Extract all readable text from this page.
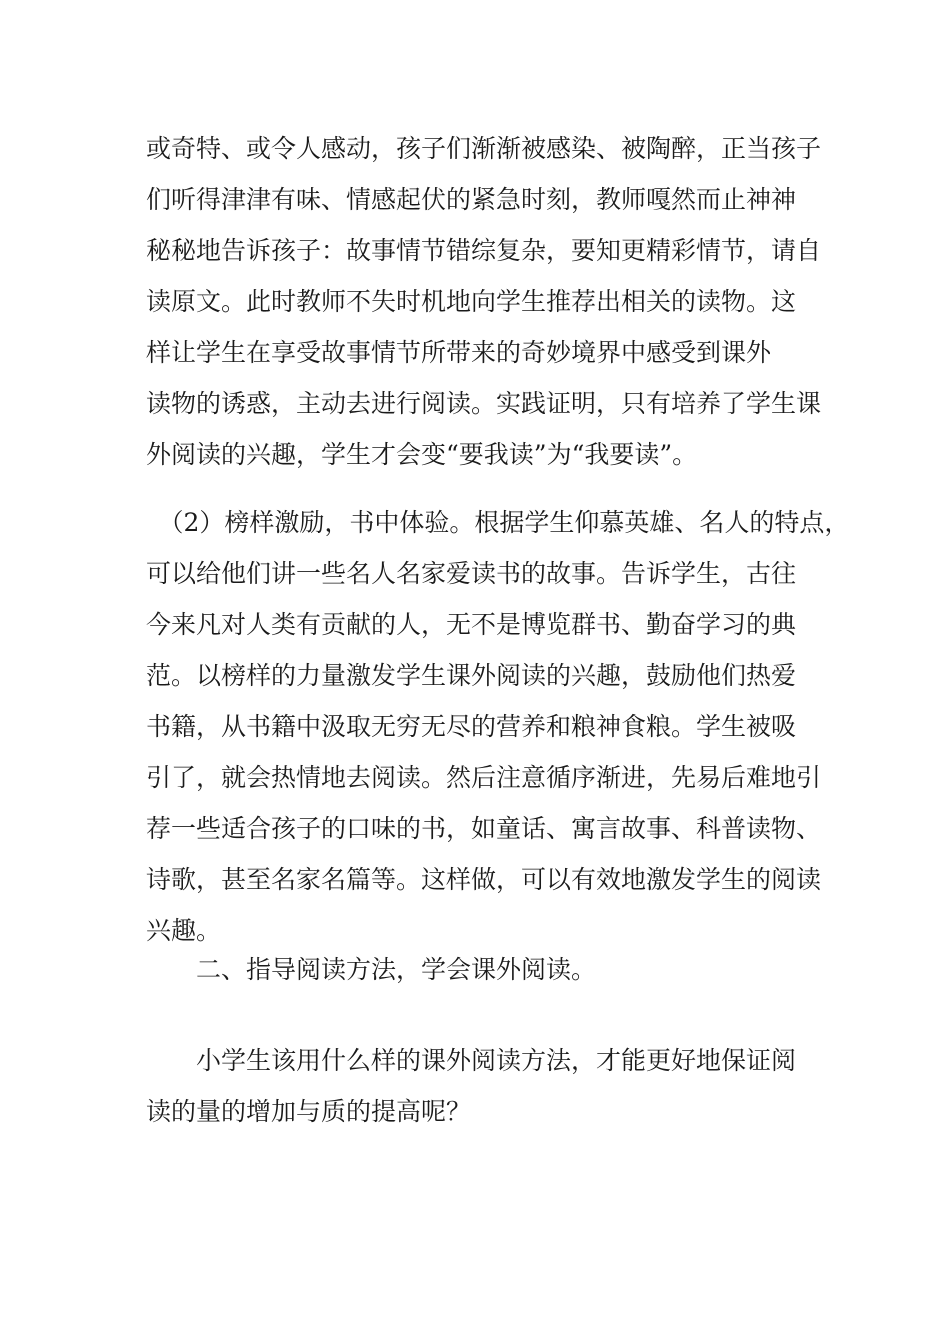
或奇特、或令人感动，孩子们渐渐被感染、被陶醉，正当孩子
们听得津津有味、情感起伏的紧急时刻，教师嘎然而止神神
秘秘地告诉孩子：故事情节错综复杂，要知更精彩情节，请自
读原文。此时教师不失时机地向学生推荐出相关的读物。这
样让学生在享受故事情节所带来的奇妙境界中感受到课外
读物的诱惑，主动去进行阅读。实践证明，只有培养了学生课
外阅读的兴趣，学生才会变“要我读”为“我要读”。
　（2）榜样激励，书中体验。根据学生仰慕英雄、名人的特点，
可以给他们讲一些名人名家爱读书的故事。告诉学生，古往
今来凡对人类有贡献的人，无不是博览群书、勤奋学习的典
范。以榜样的力量激发学生课外阅读的兴趣，鼓励他们热爱
书籍，从书籍中汲取无穷无尽的营养和粮神食粮。学生被吸
引了，就会热情地去阅读。然后注意循序渐进，先易后难地引
荐一些适合孩子的口味的书，如童话、寓言故事、科普读物、
诗歌，甚至名家名篇等。这样做，可以有效地激发学生的阅读
兴趣。
　　二、指导阅读方法，学会课外阅读。
　　小学生该用什么样的课外阅读方法，才能更好地保证阅
读的量的增加与质的提高呢？
